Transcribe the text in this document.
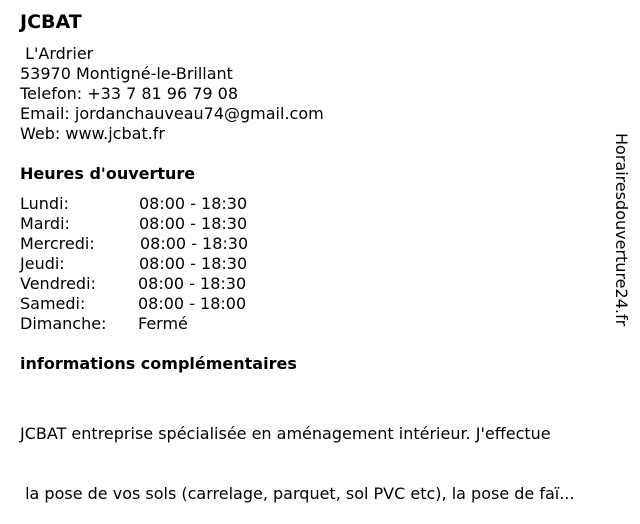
JCBAT
L'Ardrier
53970 Montigné-le-Brillant
Telefon: +33 7 81 96 79 08
Email: jordanchauveau74@gmail.com
Web: www.jcbat.fr
Heures d'ouverture
Lundi:	08:00 - 18:30
Mardi:	08:00 - 18:30
Mercredi:	08:00 - 18:30
Jeudi:	08:00 - 18:30
Vendredi:	08:00 - 18:30
Samedi:	08:00 - 18:00
Dimanche: Fermé
informations complémentaires

JCBAT entreprise spécialisée en aménagement intérieur. J'effectue

la pose de vos sols (carrelage, parquet, sol PVC etc), la pose de faï...

Horairesdouverture24.fr
